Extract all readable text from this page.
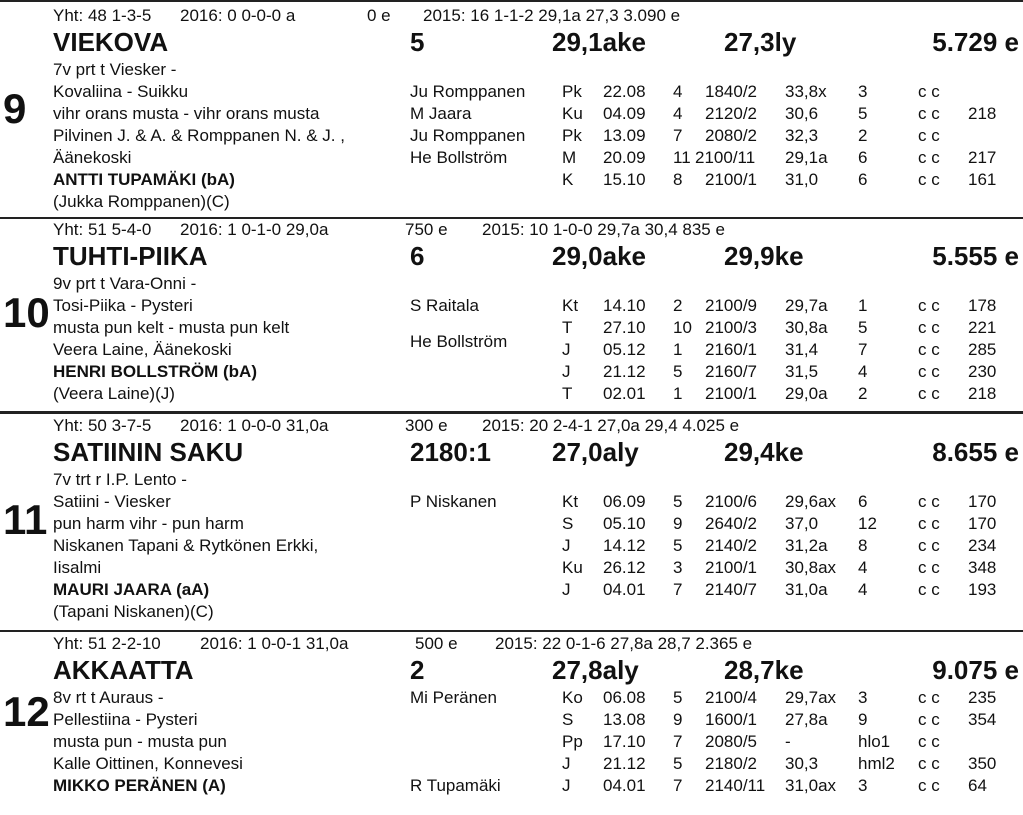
Yht: 48 1-3-5 2016: 0 0-0-0 a	0 e 2015: 16 1-1-2 29,1a 27,3 3.090 e
VIEKOVA	5	29,1ake	27,3ly	5.729 e
9
7v prt t Viesker -
Kovaliina - Suikku
vihr orans musta - vihr orans musta
Pilvinen J. & A. & Romppanen N. & J. ,
Äänekoski
ANTTI TUPAMÄKI (bA)
(Jukka Romppanen)(C)
Ju Romppanen Pk 22.08 4 1840/2 33,8x 3	c c
M Jaara	Ku 04.09 4 2120/2 30,6 5	c c 218
Ju Romppanen Pk 13.09 7 2080/2 32,3 2	c c
He Bollström	M 20.09 11 2100/11 29,1a 6	c c 217
K 15.10 8 2100/1 31,0 6	c c 161
Yht: 51 5-4-0 2016: 1 0-1-0 29,0a	750 e 2015: 10 1-0-0 29,7a 30,4 835 e
TUHTI-PIIKA	6	29,0ake	29,9ke	5.555 e
10
9v prt t Vara-Onni -
Tosi-Piika - Pysteri
musta pun kelt - musta pun kelt
Veera Laine, Äänekoski
HENRI BOLLSTRÖM (bA)
(Veera Laine)(J)
S Raitala	Kt 14.10 2 2100/9 29,7a 1	c c 178
T 27.10 10 2100/3 30,8a 5	c c 221
He Bollström	J 05.12 1 2160/1 31,4 7	c c 285
J 21.12 5 2160/7 31,5 4	c c 230
T 02.01 1 2100/1 29,0a 2	c c 218
Yht: 50 3-7-5 2016: 1 0-0-0 31,0a	300 e 2015: 20 2-4-1 27,0a 29,4 4.025 e
SATIININ SAKU	2180:1 27,0aly	29,4ke	8.655 e
11
7v trt r I.P. Lento -
Satiini - Viesker
pun harm vihr - pun harm
Niskanen Tapani & Rytkönen Erkki,
Iisalmi
MAURI JAARA (aA)
(Tapani Niskanen)(C)
P Niskanen	Kt 06.09 5 2100/6 29,6ax 6	c c 170
S 05.10 9 2640/2 37,0 12 c c 170
J 14.12 5 2140/2 31,2a 8	c c 234
Ku 26.12 3 2100/1 30,8ax 4	c c 348
J 04.01 7 2140/7 31,0a 4	c c 193
Yht: 51 2-2-10 2016: 1 0-0-1 31,0a	500 e 2015: 22 0-1-6 27,8a 28,7 2.365 e
AKKAATTA	2	27,8aly	28,7ke	9.075 e
12 8v rt t Auraus -
Pellestiina - Pysteri
musta pun - musta pun
Kalle Oittinen, Konnevesi
MIKKO PERÄNEN (A)
Mi Peränen	Ko 06.08 5 2100/4 29,7ax 3	c c 235
S 13.08 9 1600/1 27,8a 9	c c 354
Pp 17.10 7 2080/5 -	hlo1 c c
J 21.12 5 2180/2 30,3 hml2 c c 350
R Tupamäki	J 04.01 7 2140/11 31,0ax 3	c c 64
